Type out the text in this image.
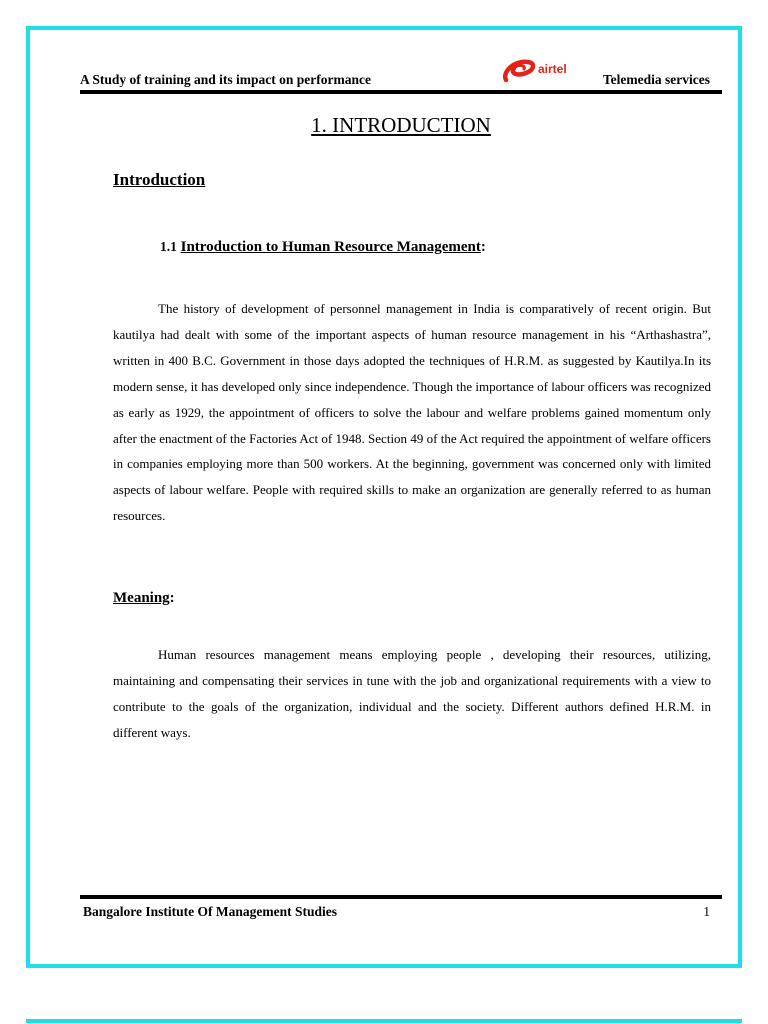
A Study of training and its impact on performance
airtel
Telemedia services
1. INTRODUCTION
Introduction
1.1 Introduction to Human Resource Management:

The history of development of personnel management in India is comparatively of recent origin. But kautilya had dealt with some of the important aspects of human resource management in his “Arthashastra”, written in 400 B.C. Government in those days adopted the techniques of H.R.M. as suggested by Kautilya.In its modern sense, it has developed only since independence. Though the importance of labour officers was recognized as early as 1929, the appointment of officers to solve the labour and welfare problems gained momentum only after the enactment of the Factories Act of 1948. Section 49 of the Act required the appointment of welfare officers in companies employing more than 500 workers. At the beginning, government was concerned only with limited aspects of labour welfare. People with required skills to make an organization are generally referred to as human resources.

Meaning:

Human resources management means employing people , developing their resources, utilizing, maintaining and compensating their services in tune with the job and organizational requirements with a view to contribute to the goals of the organization, individual and the society. Different authors defined H.R.M. in different ways.

Bangalore Institute Of Management Studies	1
